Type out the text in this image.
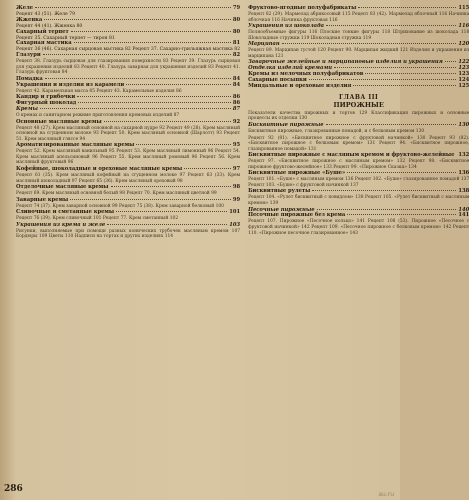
Желе	79
Рецепт 43 (51). Желе 79
Жженка	80
Рецепт 44 (41). Жженка 80
Сахарный терпет	80
Рецепт 35. Сахарный терпет — тирон 81
Сахарная мастика	81
Рецепт 36 (46). Сахарная сырцовая мастика 82 Рецепт 37. Сахарно-грильяжная мастика 82
Глазури	82
Рецепт 38. Глазурь сырцовая для глазирования поверхности 83 Рецепт 39. Глазурь сырцовая для украшения изделий 83 Рецепт 40. Глазурь заварная для украшения изделий 83 Рецепт 41. Глазурь фруктовая 84
Помадка	84
Украшения и изделия из карамели	84
Рецепт 42. Карамельная масса 85 Рецепт 43. Карамельные изделия 86
Кандир и грибочки	86
Фигурный шоколад	86
Кремы	87
О кремах и санитарном режиме приготовления кремовых изделий 87
Основные масляные кремы	92
Рецепт 48 (27). Крем масляный основной на сахарной пудре 92 Рецепт 49 (28). Крем масляный основной на сгущенном молоке 93 Рецепт 50. Крем масляный основной (Шарлотт) 93 Рецепт 51. Крем масляный гляссе 94
Ароматизированные масляные кремы	95
Рецепт 52. Крем масляный ванильный 95 Рецепт 53. Крем масляный лимонный 96 Рецепт 54. Крем масляный апельсиновый 96 Рецепт 55. Крем масляный ромовый 96 Рецепт 56. Крем масляный фруктовый 96
Кофейные, шоколадные и ореховые масляные кремы	97
Рецепт 61 (35). Крем масляный кофейный на сгущенном молоке 97 Рецепт 63 (33). Крем масляный шоколадный 97 Рецепт 65 (36). Крем масляный ореховый 98
Отделочные масляные кремы	98
Рецепт 69. Крем масляный основной белый 98 Рецепт 70. Крем масляный цветной 99
Заварные кремы	99
Рецепт 74 (37). Крем заварной основной 99 Рецепт 75 (38). Крем заварной белковый 100
Сливочные и сметанные кремы	101
Рецепт 76 (39). Крем сливочный 101 Рецепт 77. Крем сметанный 102
Украшения из крема и желе	103
Рисунки, выполняемые при помощи разных конических трубочек масляным кремом 107 Бордюры 109 Цветы 110 Надписи на тортах и других изделиях 114
Фруктово-ягодные полуфабрикаты	115
Рецепт 82 (29). Мармелад абрикосовый 115 Рецепт 83 (42). Мармелад яблочный 116 Начинка яблочная 116 Начинка фруктовая 116
Украшения из шоколада	116
Полнообъемные фигуры 116 Плоские тонкие фигуры 118 Штрихование из шоколада 118 Шоколадные стружки 119 Шоколадная стружка 119
Марципан	120
Рецепт 89. Марципан густой 120 Рецепт 90. Марципан жидкий 121 Изделия и украшения из марципана 121
Заварочные желейные и марципановые изделия и украшения	122
Отделка изделий кремами	123
Кремы из мелочных полуфабрикатов	123
Сахарные посыпки	124
Миндальные и ореховые изделия	125
ГЛАВА III
ПИРОЖНЫЕ
Показатели качества пирожных и тортов 129 Классификация пирожных и основные процессы их отделки 130
Бисквитные пирожные	130
Бисквитные пирожные, глазированные помадой, и с белковым кремом 130
Рецепт 92 (81). «Бисквитное пирожное с фруктовой начинкой» 130 Рецепт 93 (82). «Бисквитное пирожное с белковым кремом» 131 Рецепт 94. «Бисквитное пирожное, глазированное помадой» 131
Бисквитные пирожные с масляным кремом и фруктово-желейные 132
Рецепт 97. «Бисквитное пирожное с масляным кремом» 132 Рецепт 98. «Бисквитное пирожное фруктово-желейное» 133 Рецепт 99. «Пирожное Сказка» 134
Бисквитные пирожные «Буше»	136
Рецепт 101. «Буше» с масляным кремом 136 Рецепт 102. «Буше» глазированное помадой 137 Рецепт 103. «Буше» с фруктовой начинкой 137
Бисквитные рулеты	138
Рецепт 104. «Рулет бисквитный с повидлом» 138 Рецепт 105. «Рулет бисквитный с масляным кремом» 139
Песочные пирожные	140
Песочные пирожные без крема	141
Рецепт 107. Пирожное «Песочное кольцо» 141 Рецепт 108 (53). Пирожное «Песочное с фруктовой начинкой» 142 Рецепт 109. «Песочное пирожное с белковым кремом» 142 Рецепт 110. «Пирожное песочное глазированное» 143
286
au.ru
